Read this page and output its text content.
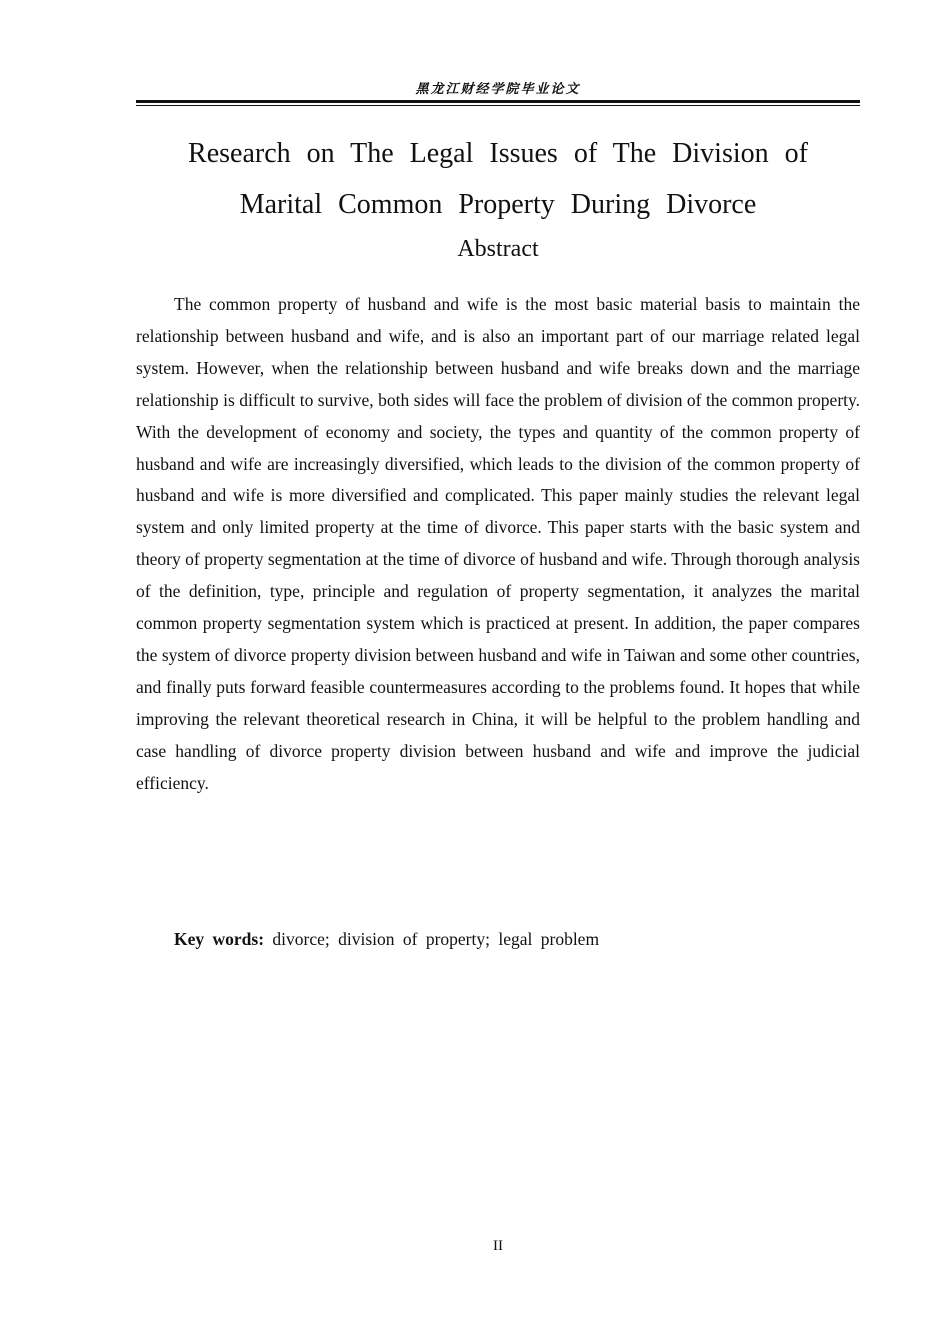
黑龙江财经学院毕业论文
Research on The Legal Issues of The Division of
Marital Common Property During Divorce
Abstract

The common property of husband and wife is the most basic material basis to maintain the relationship between husband and wife, and is also an important part of our marriage related legal system. However, when the relationship between husband and wife breaks down and the marriage relationship is difficult to survive, both sides will face the problem of division of the common property. With the development of economy and society, the types and quantity of the common property of husband and wife are increasingly diversified, which leads to the division of the common property of husband and wife is more diversified and complicated. This paper mainly studies the relevant legal system and only limited property at the time of divorce. This paper starts with the basic system and theory of property segmentation at the time of divorce of husband and wife. Through thorough analysis of the definition, type, principle and regulation of property segmentation, it analyzes the marital common property segmentation system which is practiced at present. In addition, the paper compares the system of divorce property division between husband and wife in Taiwan and some other countries, and finally puts forward feasible countermeasures according to the problems found. It hopes that while improving the relevant theoretical research in China, it will be helpful to the problem handling and case handling of divorce property division between husband and wife and improve the judicial efficiency.

Key words: divorce; division of property; legal problem
II
